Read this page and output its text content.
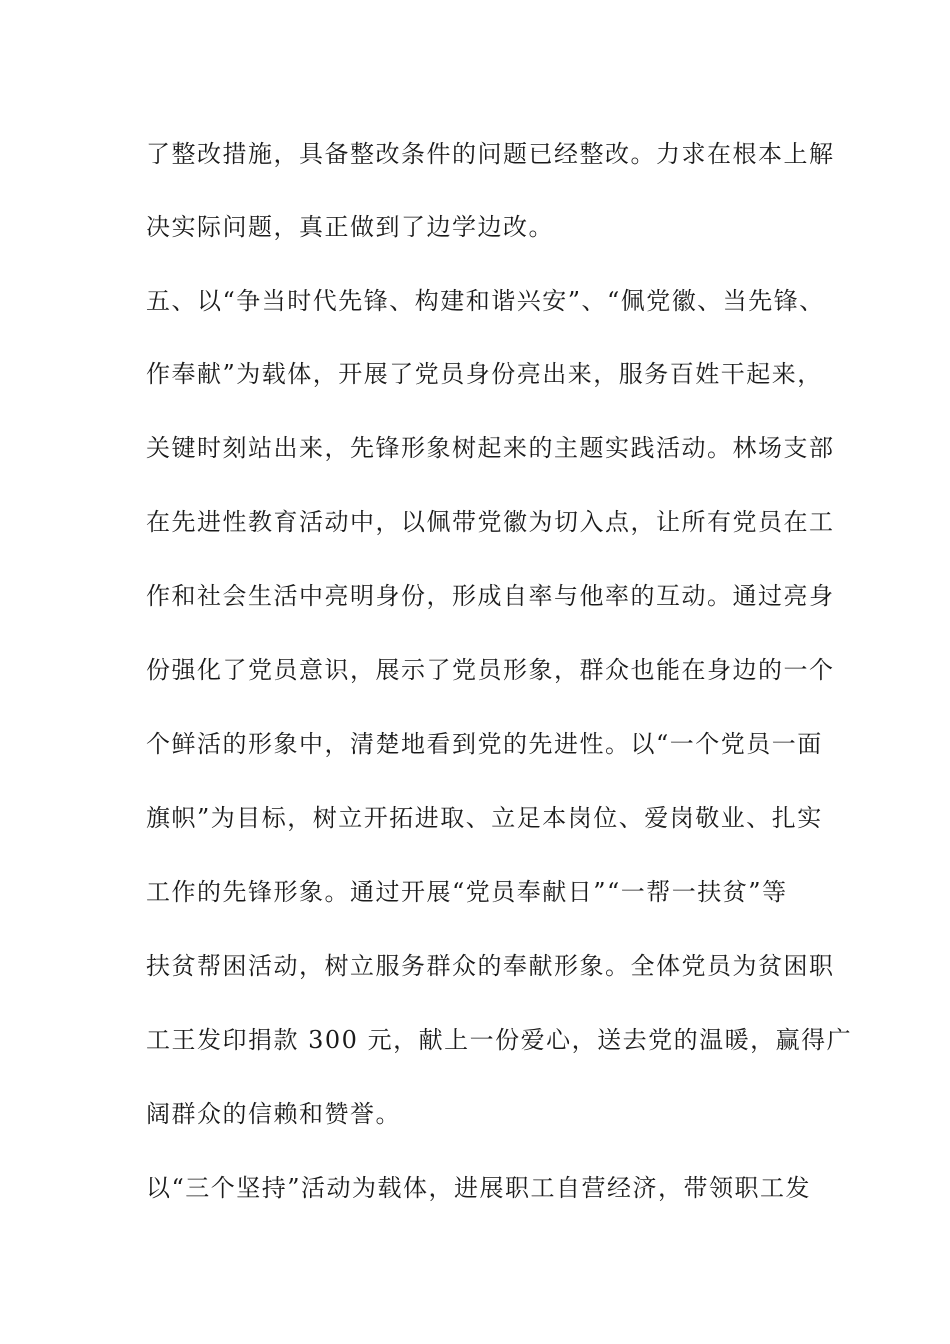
了整改措施，具备整改条件的问题已经整改。力求在根本上解
决实际问题，真正做到了边学边改。
五、以“争当时代先锋、构建和谐兴安”、“佩党徽、当先锋、
作奉献”为载体，开展了党员身份亮出来，服务百姓干起来，
关键时刻站出来，先锋形象树起来的主题实践活动。林场支部
在先进性教育活动中，以佩带党徽为切入点，让所有党员在工
作和社会生活中亮明身份，形成自率与他率的互动。通过亮身
份强化了党员意识，展示了党员形象，群众也能在身边的一个
个鲜活的形象中，清楚地看到党的先进性。以“一个党员一面
旗帜”为目标，树立开拓进取、立足本岗位、爱岗敬业、扎实
工作的先锋形象。通过开展“党员奉献日”“一帮一扶贫”等
扶贫帮困活动，树立服务群众的奉献形象。全体党员为贫困职
工王发印捐款 300 元，献上一份爱心，送去党的温暖，赢得广
阔群众的信赖和赞誉。
以“三个坚持”活动为载体，进展职工自营经济，带领职工发
